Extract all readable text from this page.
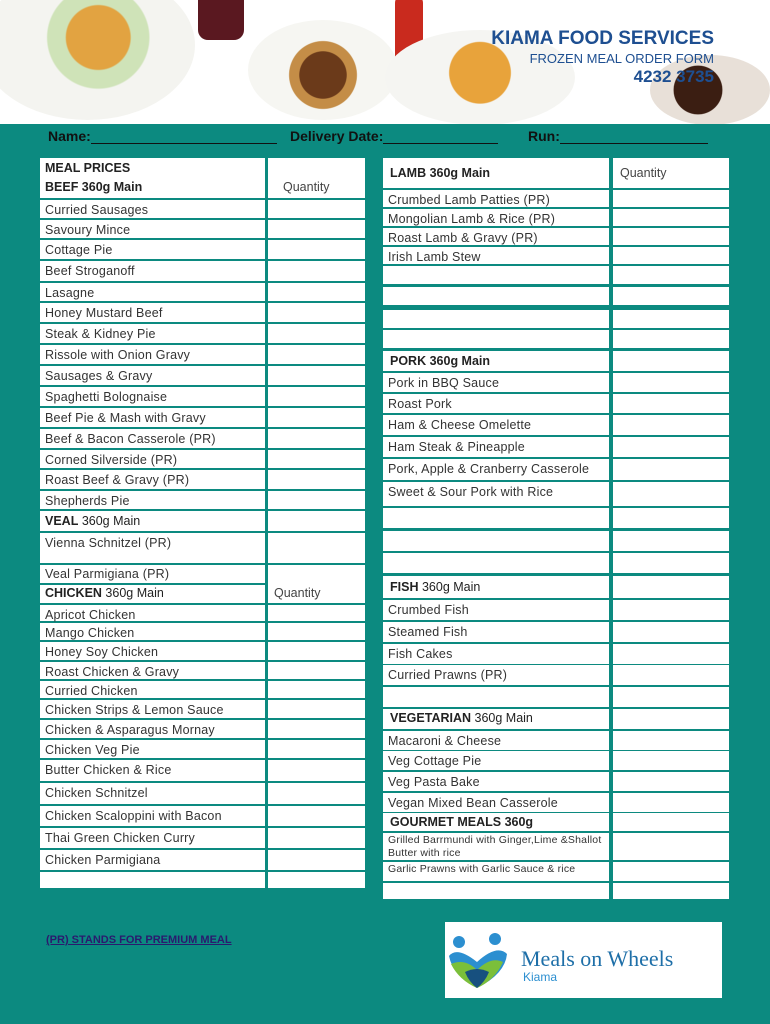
KIAMA FOOD SERVICES
FROZEN MEAL ORDER FORM
4232 3735
Name:	Delivery Date:	Run:
MEAL PRICES
BEEF 360g Main	Quantity
Curried Sausages
Savoury Mince
Cottage Pie
Beef Stroganoff
Lasagne
Honey Mustard Beef
Steak & Kidney Pie
Rissole with Onion Gravy
Sausages & Gravy
Spaghetti Bolognaise
Beef Pie & Mash with Gravy
Beef & Bacon Casserole (PR)
Corned Silverside (PR)
Roast Beef & Gravy (PR)
Shepherds Pie
VEAL 360g Main
Vienna Schnitzel (PR)
Veal Parmigiana (PR)
CHICKEN 360g Main	Quantity
Apricot Chicken
Mango Chicken
Honey Soy Chicken
Roast Chicken & Gravy
Curried Chicken
Chicken Strips & Lemon Sauce
Chicken & Asparagus Mornay
Chicken Veg Pie
Butter Chicken & Rice
Chicken Schnitzel
Chicken Scaloppini with Bacon
Thai Green Chicken Curry
Chicken Parmigiana
LAMB 360g Main	Quantity
Crumbed Lamb Patties (PR)
Mongolian Lamb & Rice (PR)
Roast Lamb & Gravy (PR)
Irish Lamb Stew
PORK 360g Main
Pork in BBQ Sauce
Roast Pork
Ham & Cheese Omelette
Ham Steak & Pineapple
Pork, Apple & Cranberry Casserole
Sweet & Sour Pork with Rice
FISH 360g Main
Crumbed Fish
Steamed Fish
Fish Cakes
Curried Prawns (PR)
VEGETARIAN 360g Main
Macaroni & Cheese
Veg Cottage Pie
Veg Pasta Bake
Vegan Mixed Bean Casserole
GOURMET MEALS 360g
Grilled Barrmundi with Ginger,Lime &Shallot Butter with rice
Garlic Prawns with Garlic Sauce & rice
(PR) STANDS FOR PREMIUM MEAL
Meals on Wheels
Kiama
